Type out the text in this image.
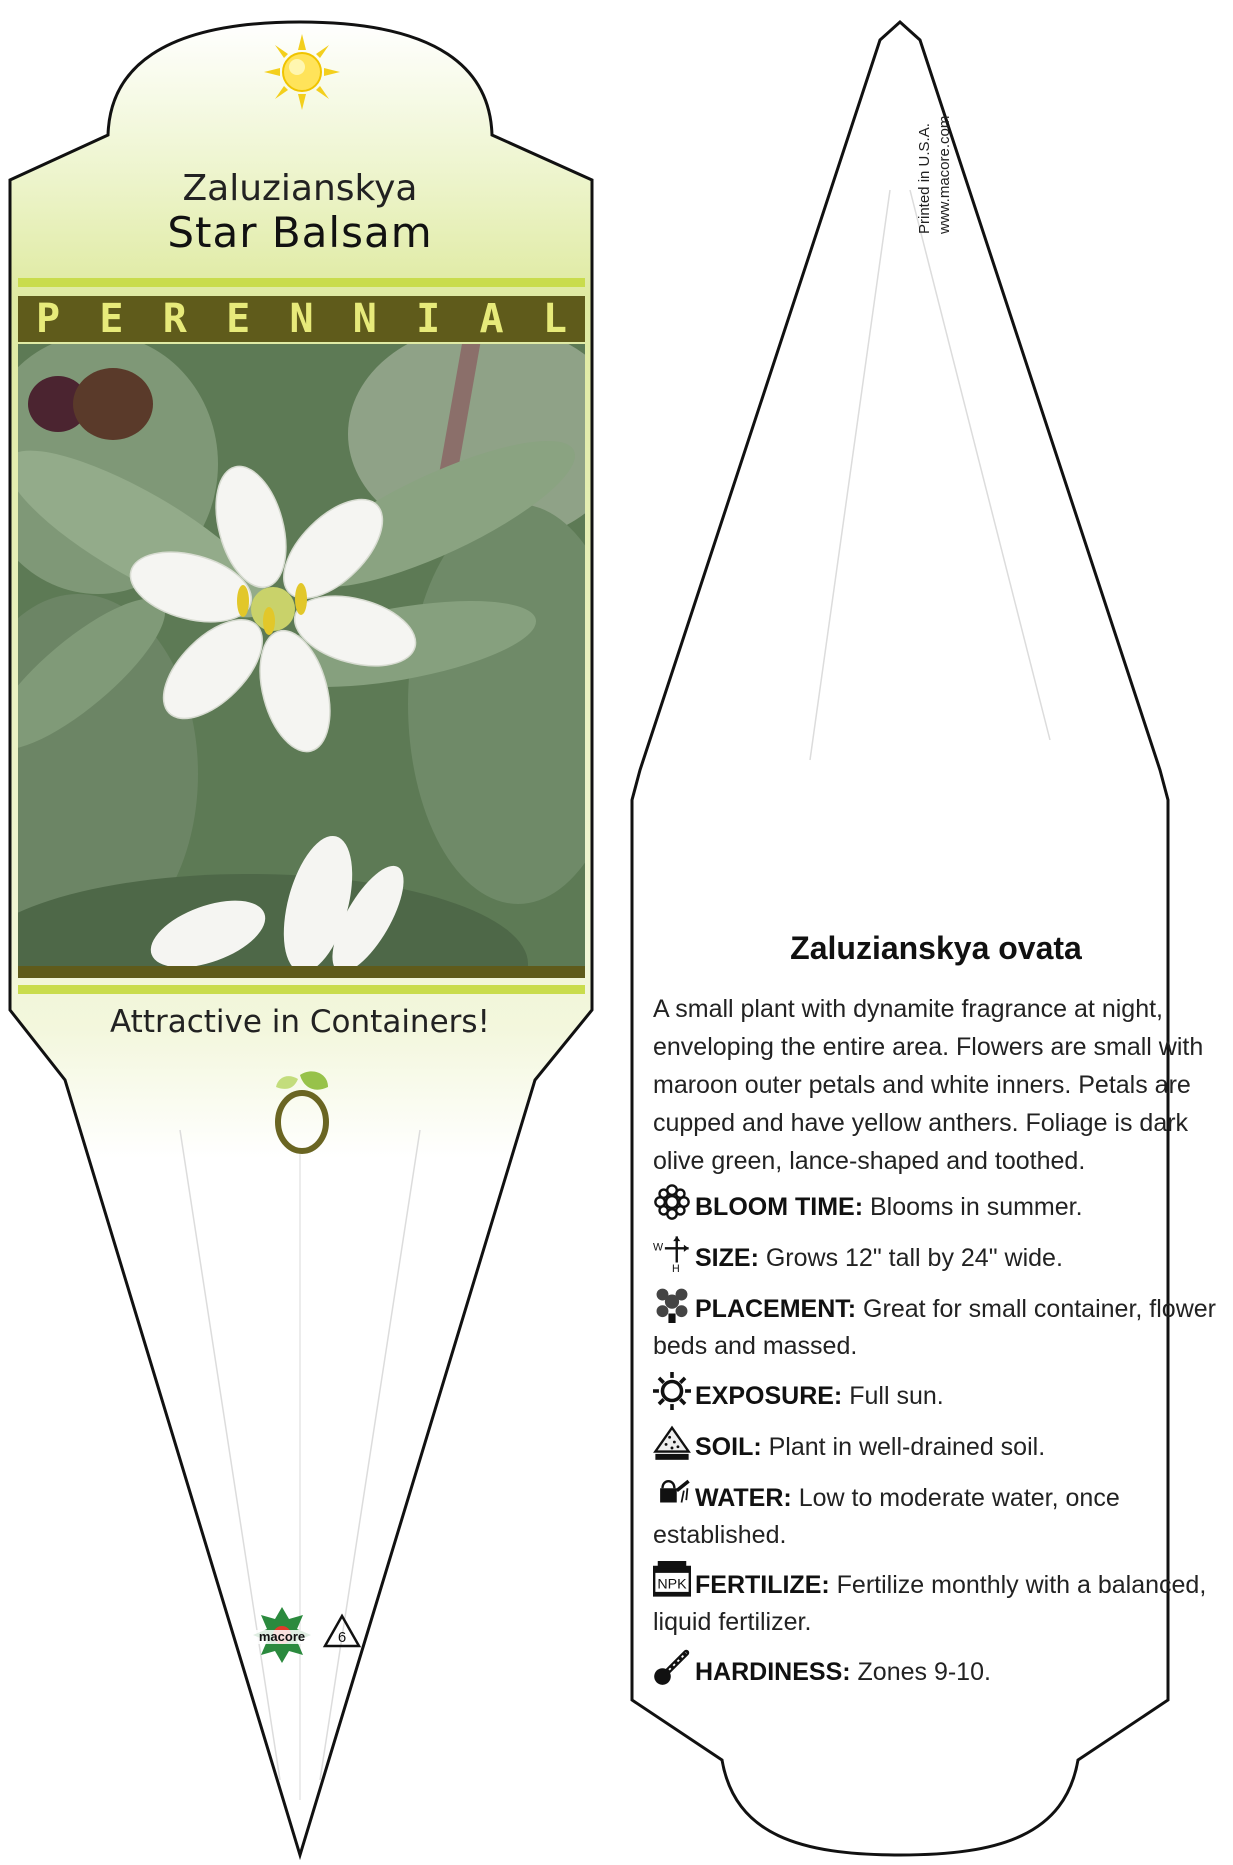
Zaluzianskya
Star Balsam
P E R E N N I A L
Attractive in Containers!
macore 6
Printed in U.S.A. www.macore.com
Zaluzianskya ovata
A small plant with dynamite fragrance at night, enveloping the entire area. Flowers are small with maroon outer petals and white inners. Petals are cupped and have yellow anthers. Foliage is dark olive green, lance-shaped and toothed.
BLOOM TIME: Blooms in summer.
W
H SIZE: Grows 12" tall by 24" wide.
PLACEMENT: Great for small container, flower beds and massed.
EXPOSURE: Full sun.
SOIL: Plant in well-drained soil.
WATER: Low to moderate water, once established.
NPK FERTILIZE: Fertilize monthly with a balanced, liquid fertilizer.
HARDINESS: Zones 9-10.
